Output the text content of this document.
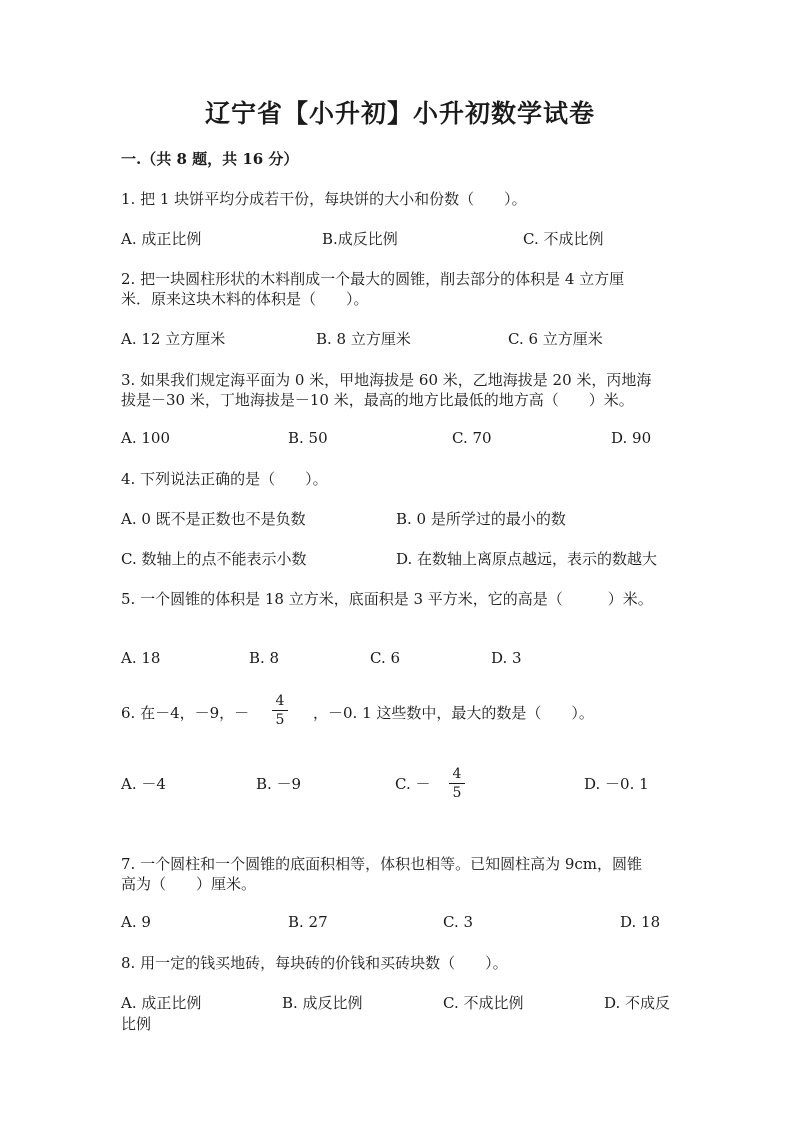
辽宁省【小升初】小升初数学试卷
一.（共 8 题，共 16 分）
1. 把 1 块饼平均分成若干份，每块饼的大小和份数（　　）。
A. 成正比例	B.成反比例	C. 不成比例
2. 把一块圆柱形状的木料削成一个最大的圆锥，削去部分的体积是 4 立方厘
米．原来这块木料的体积是（　　）。
A. 12 立方厘米	B. 8 立方厘米	C. 6 立方厘米
3. 如果我们规定海平面为 0 米，甲地海拔是 60 米，乙地海拔是 20 米，丙地海
拔是－30 米，丁地海拔是－10 米，最高的地方比最低的地方高（　　）米。
A. 100	B. 50	C. 70	D. 90
4. 下列说法正确的是（　　）。
A. 0 既不是正数也不是负数	B. 0 是所学过的最小的数
C. 数轴上的点不能表示小数	D. 在数轴上离原点越远，表示的数越大
5. 一个圆锥的体积是 18 立方米，底面积是 3 平方米，它的高是（　　　）米。
A. 18	B. 8	C. 6	D. 3
6. 在－4，－9，－
4
5 ，－0. 1 这些数中，最大的数是（　　）。
A. －4	B. －9	C. －
4
5	D. －0. 1
7. 一个圆柱和一个圆锥的底面积相等，体积也相等。已知圆柱高为 9cm，圆锥
高为（　　）厘米。
A. 9	B. 27	C. 3	D. 18
8. 用一定的钱买地砖，每块砖的价钱和买砖块数（　　）。
A. 成正比例	B. 成反比例	C. 不成比例	D. 不成反
比例
